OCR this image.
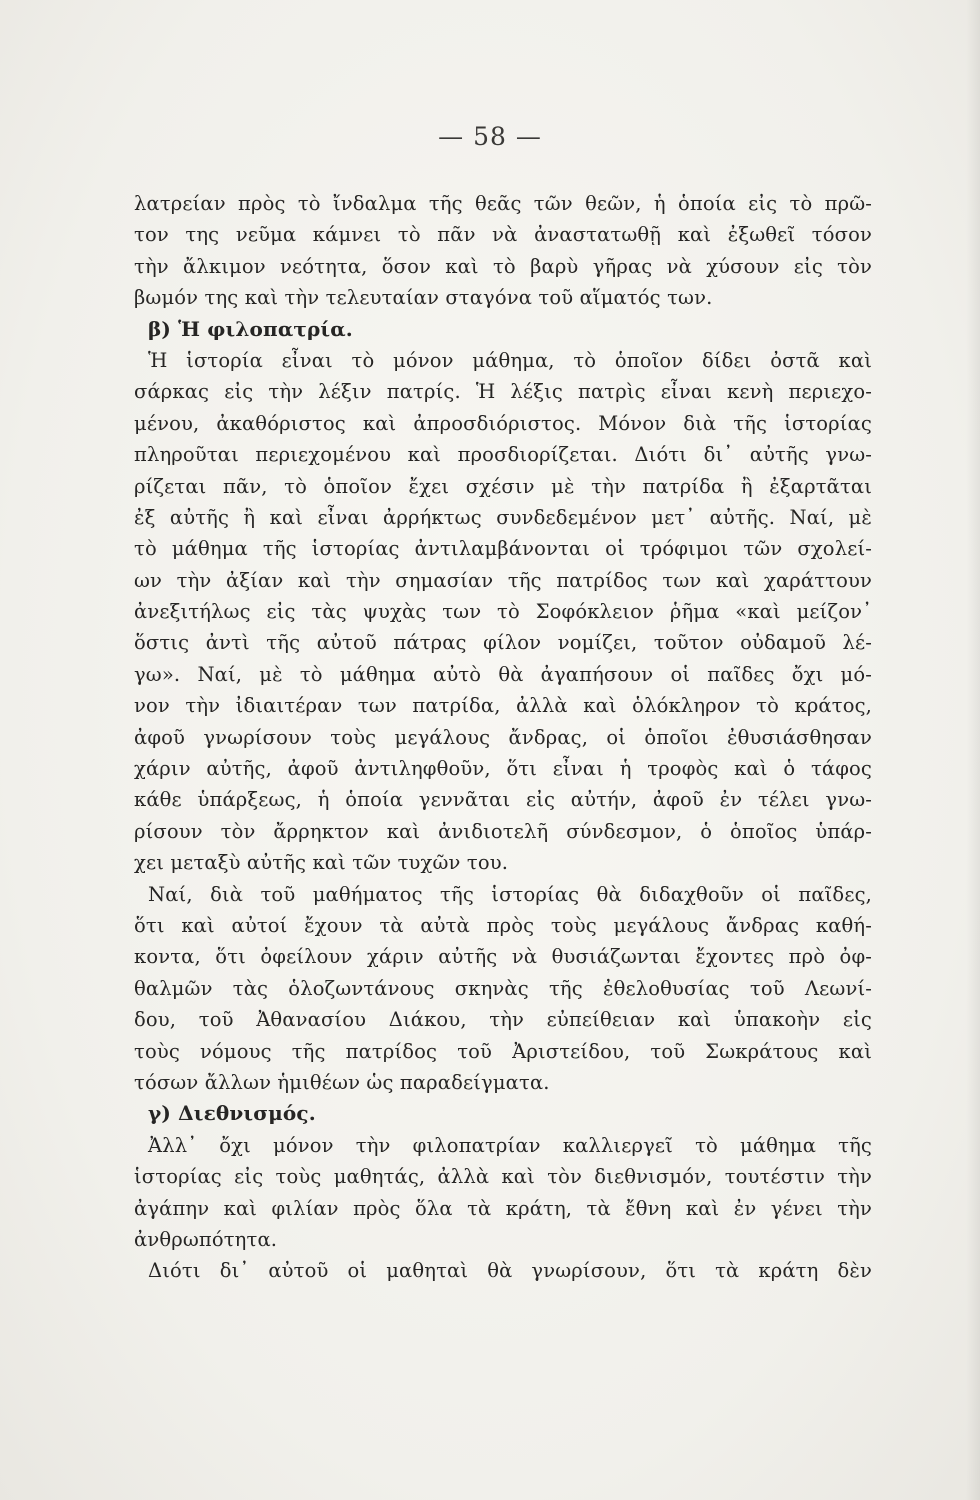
— 58 —
λατρείαν πρὸς τὸ ἴνδαλμα τῆς θεᾶς τῶν θεῶν, ἡ ὁποία εἰς τὸ πρῶ-
τον της νεῦμα κάμνει τὸ πᾶν νὰ ἀναστατωθῇ καὶ ἐξωθεῖ τόσον
τὴν ἄλκιμον νεότητα, ὅσον καὶ τὸ βαρὺ γῆρας νὰ χύσουν εἰς τὸν
βωμόν της καὶ τὴν τελευταίαν σταγόνα τοῦ αἵματός των.
β) Ἡ φιλοπατρία.
Ἡ ἱστορία εἶναι τὸ μόνον μάθημα, τὸ ὁποῖον δίδει ὀστᾶ καὶ
σάρκας εἰς τὴν λέξιν πατρίς. Ἡ λέξις πατρὶς εἶναι κενὴ περιεχο-
μένου, ἀκαθόριστος καὶ ἀπροσδιόριστος. Μόνον διὰ τῆς ἱστορίας
πληροῦται περιεχομένου καὶ προσδιορίζεται. Διότι δι᾽ αὐτῆς γνω-
ρίζεται πᾶν, τὸ ὁποῖον ἔχει σχέσιν μὲ τὴν πατρίδα ἢ ἐξαρτᾶται
ἐξ αὐτῆς ἢ καὶ εἶναι ἀρρήκτως συνδεδεμένον μετ᾽ αὐτῆς. Ναί, μὲ
τὸ μάθημα τῆς ἱστορίας ἀντιλαμβάνονται οἱ τρόφιμοι τῶν σχολεί-
ων τὴν ἀξίαν καὶ τὴν σημασίαν τῆς πατρίδος των καὶ χαράττουν
ἀνεξιτήλως εἰς τὰς ψυχὰς των τὸ Σοφόκλειον ῥῆμα «καὶ μείζον᾽
ὅστις ἀντὶ τῆς αὐτοῦ πάτρας φίλον νομίζει, τοῦτον οὐδαμοῦ λέ-
γω». Ναί, μὲ τὸ μάθημα αὐτὸ θὰ ἀγαπήσουν οἱ παῖδες ὄχι μό-
νον τὴν ἰδιαιτέραν των πατρίδα, ἀλλὰ καὶ ὁλόκληρον τὸ κράτος,
ἀφοῦ γνωρίσουν τοὺς μεγάλους ἄνδρας, οἱ ὁποῖοι ἐθυσιάσθησαν
χάριν αὐτῆς, ἀφοῦ ἀντιληφθοῦν, ὅτι εἶναι ἡ τροφὸς καὶ ὁ τάφος
κάθε ὑπάρξεως, ἡ ὁποία γεννᾶται εἰς αὐτήν, ἀφοῦ ἐν τέλει γνω-
ρίσουν τὸν ἄρρηκτον καὶ ἀνιδιοτελῆ σύνδεσμον, ὁ ὁποῖος ὑπάρ-
χει μεταξὺ αὐτῆς καὶ τῶν τυχῶν του.
Ναί, διὰ τοῦ μαθήματος τῆς ἱστορίας θὰ διδαχθοῦν οἱ παῖδες,
ὅτι καὶ αὐτοί ἔχουν τὰ αὐτὰ πρὸς τοὺς μεγάλους ἄνδρας καθή-
κοντα, ὅτι ὀφείλουν χάριν αὐτῆς νὰ θυσιάζωνται ἔχοντες πρὸ ὀφ-
θαλμῶν τὰς ὁλοζωντάνους σκηνὰς τῆς ἐθελοθυσίας τοῦ Λεωνί-
δου, τοῦ Ἀθανασίου Διάκου, τὴν εὐπείθειαν καὶ ὑπακοὴν εἰς
τοὺς νόμους τῆς πατρίδος τοῦ Ἀριστείδου, τοῦ Σωκράτους καὶ
τόσων ἄλλων ἡμιθέων ὡς παραδείγματα.
γ) Διεθνισμός.
Ἀλλ᾽ ὄχι μόνον τὴν φιλοπατρίαν καλλιεργεῖ τὸ μάθημα τῆς
ἱστορίας εἰς τοὺς μαθητάς, ἀλλὰ καὶ τὸν διεθνισμόν, τουτέστιν τὴν
ἀγάπην καὶ φιλίαν πρὸς ὅλα τὰ κράτη, τὰ ἔθνη καὶ ἐν γένει τὴν
ἀνθρωπότητα.
Διότι δι᾽ αὐτοῦ οἱ μαθηταὶ θὰ γνωρίσουν, ὅτι τὰ κράτη δὲν
